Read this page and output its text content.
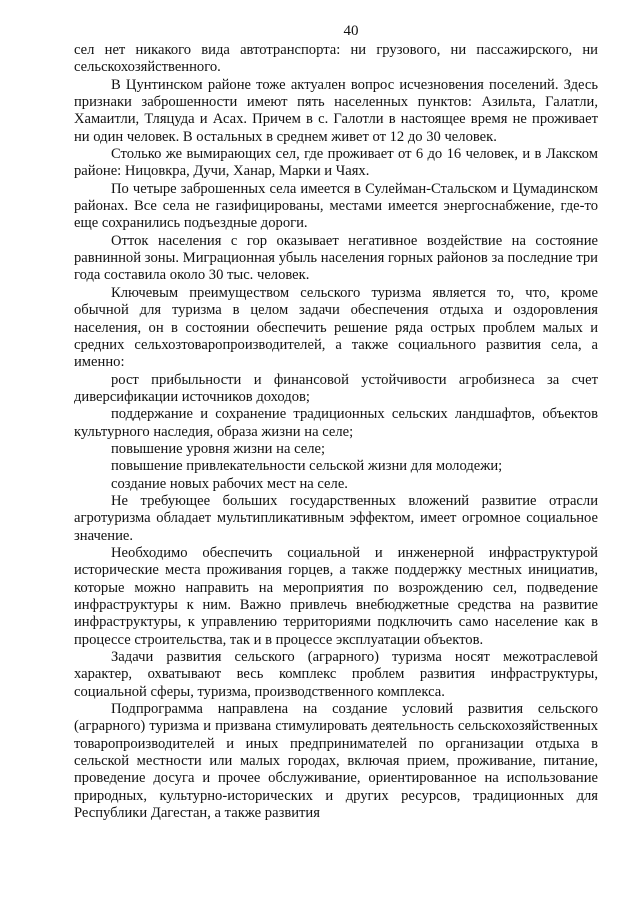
40

сел нет никакого вида автотранспорта: ни грузового, ни пассажирского, ни сельскохозяйственного.

В Цунтинском районе тоже актуален вопрос исчезновения поселений. Здесь признаки заброшенности имеют пять населенных пунктов: Азильта, Галатли, Хамаитли, Тляцуда и Асах. Причем в с. Галотли в настоящее время не проживает ни один человек. В остальных в среднем живет от 12 до 30 человек.

Столько же вымирающих сел, где проживает от 6 до 16 человек, и в Лакском районе: Ницовкра, Дучи, Ханар, Марки и Чаях.

По четыре заброшенных села имеется в Сулейман-Стальском и Цумадинском районах. Все села не газифицированы, местами имеется энергоснабжение, где-то еще сохранились подъездные дороги.

Отток населения с гор оказывает негативное воздействие на состояние равнинной зоны. Миграционная убыль населения горных районов за последние три года составила около 30 тыс. человек.

Ключевым преимуществом сельского туризма является то, что, кроме обычной для туризма в целом задачи обеспечения отдыха и оздоровления населения, он в состоянии обеспечить решение ряда острых проблем малых и средних сельхозтоваропроизводителей, а также социального развития села, а именно:

рост прибыльности и финансовой устойчивости агробизнеса за счет диверсификации источников доходов;

поддержание и сохранение традиционных сельских ландшафтов, объектов культурного наследия, образа жизни на селе;

повышение уровня жизни на селе;

повышение привлекательности сельской жизни для молодежи;

создание новых рабочих мест на селе.

Не требующее больших государственных вложений развитие отрасли агротуризма обладает мультипликативным эффектом, имеет огромное социальное значение.

Необходимо обеспечить социальной и инженерной инфраструктурой исторические места проживания горцев, а также поддержку местных инициатив, которые можно направить на мероприятия по возрождению сел, подведение инфраструктуры к ним. Важно привлечь внебюджетные средства на развитие инфраструктуры, к управлению территориями подключить само население как в процессе строительства, так и в процессе эксплуатации объектов.

Задачи развития сельского (аграрного) туризма носят межотраслевой характер, охватывают весь комплекс проблем развития инфраструктуры, социальной сферы, туризма, производственного комплекса.

Подпрограмма направлена на создание условий развития сельского (аграрного) туризма и призвана стимулировать деятельность сельскохозяйственных товаропроизводителей и иных предпринимателей по организации отдыха в сельской местности или малых городах, включая прием, проживание, питание, проведение досуга и прочее обслуживание, ориентированное на использование природных, культурно-исторических и других ресурсов, традиционных для Республики Дагестан, а также развития
